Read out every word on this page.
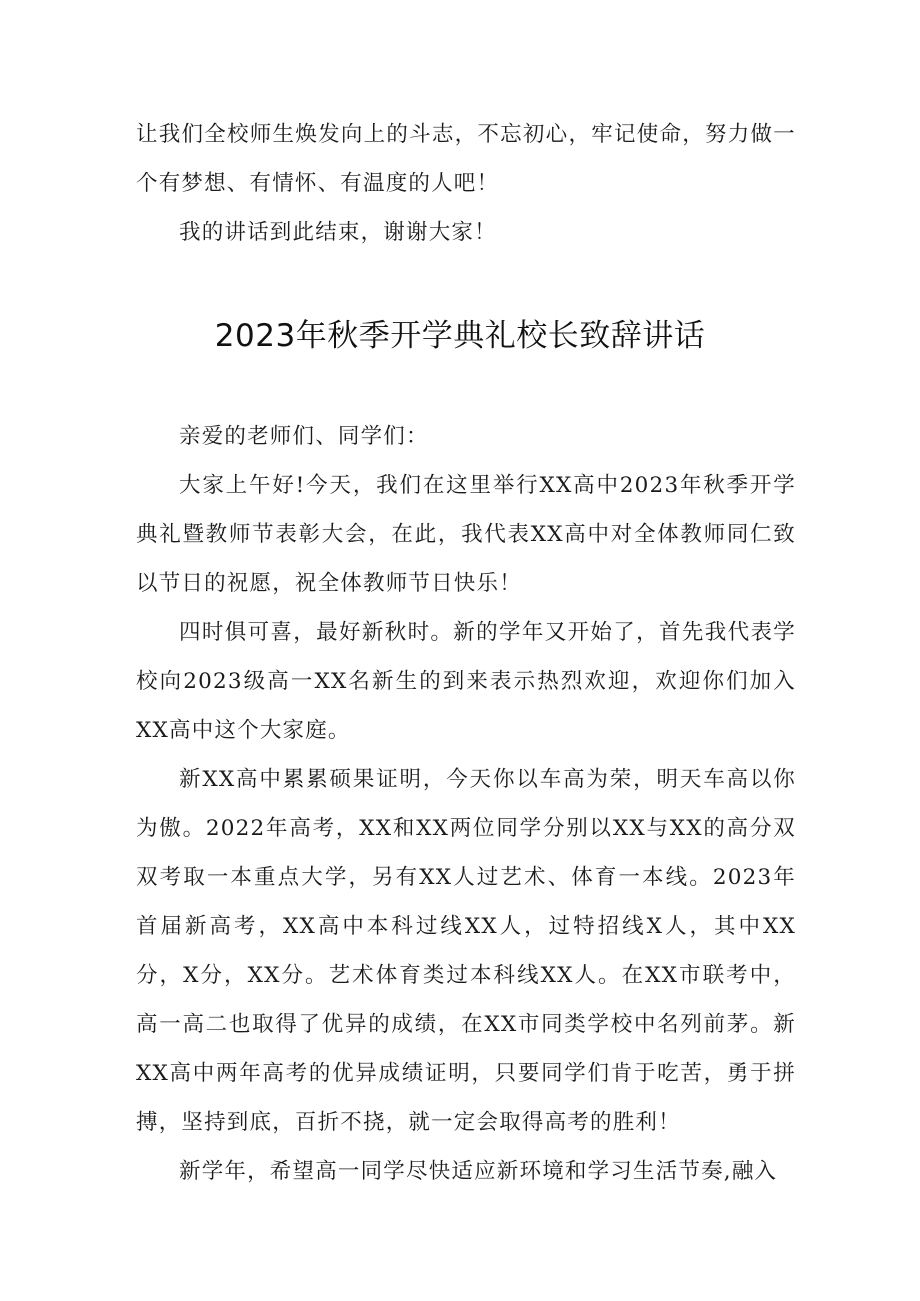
让我们全校师生焕发向上的斗志，不忘初心，牢记使命，努力做一个有梦想、有情怀、有温度的人吧！

我的讲话到此结束，谢谢大家！

2023年秋季开学典礼校长致辞讲话

亲爱的老师们、同学们：

大家上午好!今天，我们在这里举行XX高中2023年秋季开学典礼暨教师节表彰大会，在此，我代表XX高中对全体教师同仁致以节日的祝愿，祝全体教师节日快乐！

四时俱可喜，最好新秋时。新的学年又开始了，首先我代表学校向2023级高一XX名新生的到来表示热烈欢迎，欢迎你们加入XX高中这个大家庭。

新XX高中累累硕果证明，今天你以车高为荣，明天车高以你为傲。2022年高考，XX和XX两位同学分别以XX与XX的高分双双考取一本重点大学，另有XX人过艺术、体育一本线。2023年首届新高考，XX高中本科过线XX人，过特招线X人，其中XX分，X分，XX分。艺术体育类过本科线XX人。在XX市联考中，高一高二也取得了优异的成绩，在XX市同类学校中名列前茅。新XX高中两年高考的优异成绩证明，只要同学们肯于吃苦，勇于拼搏，坚持到底，百折不挠，就一定会取得高考的胜利！

新学年，希望高一同学尽快适应新环境和学习生活节奏,融入
